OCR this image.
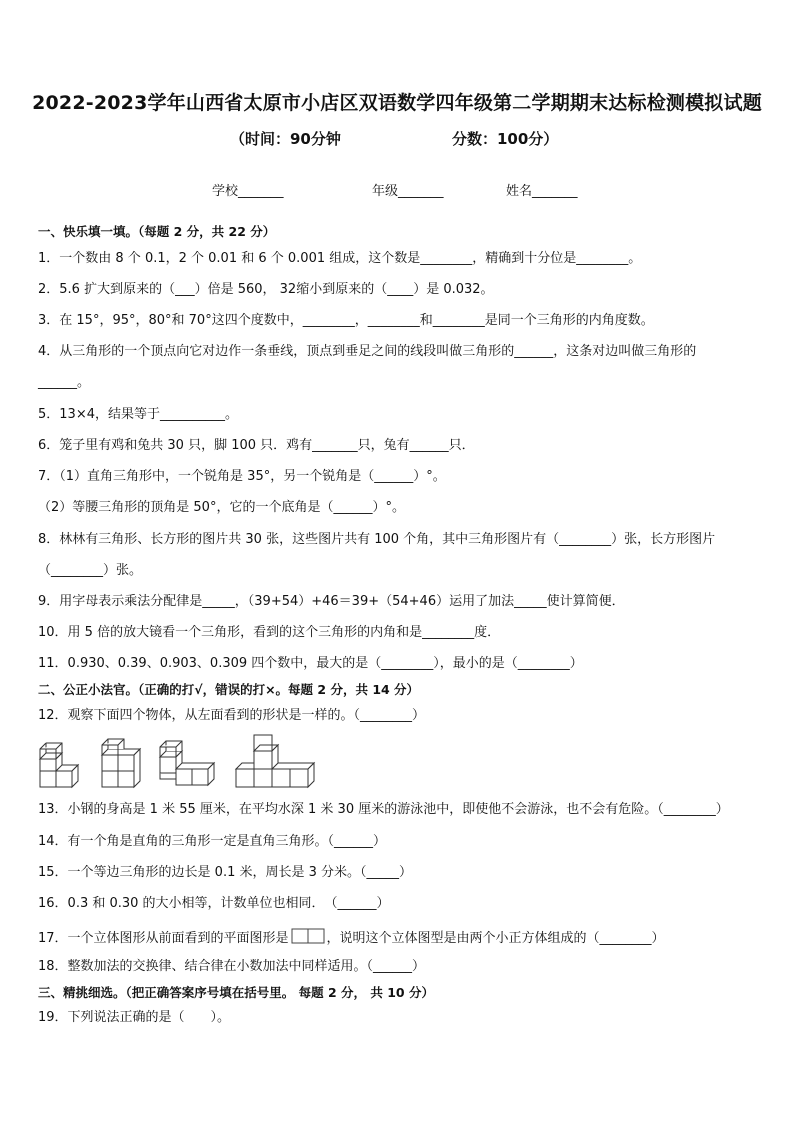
2022-2023学年山西省太原市小店区双语数学四年级第二学期期末达标检测模拟试题
（时间：90分钟	分数：100分）
学校_______	年级_______	姓名_______
一、快乐填一填。（每题 2 分，共 22 分）
1．一个数由 8 个 0.1，2 个 0.01 和 6 个 0.001 组成，这个数是________，精确到十分位是________。
2．5.6 扩大到原来的（___）倍是 560， 32缩小到原来的（____）是 0.032。
3．在 15°，95°，80°和 70°这四个度数中，________，________和________是同一个三角形的内角度数。
4．从三角形的一个顶点向它对边作一条垂线，顶点到垂足之间的线段叫做三角形的______，这条对边叫做三角形的
______。
5．13×4，结果等于__________。
6．笼子里有鸡和兔共 30 只，脚 100 只．鸡有_______只，兔有______只．
7．（1）直角三角形中，一个锐角是 35°，另一个锐角是（______）°。
（2）等腰三角形的顶角是 50°，它的一个底角是（______）°。
8．林林有三角形、长方形的图片共 30 张，这些图片共有 100 个角，其中三角形图片有（________）张，长方形图片
（________）张。
9．用字母表示乘法分配律是_____，（39+54）+46＝39+（54+46）运用了加法_____使计算简便．
10．用 5 倍的放大镜看一个三角形，看到的这个三角形的内角和是________度．
11．0.930、0.39、0.903、0.309 四个数中，最大的是（________），最小的是（________）
二、公正小法官。（正确的打√，错误的打×。每题 2 分，共 14 分）
12．观察下面四个物体，从左面看到的形状是一样的。（________）
13．小钢的身高是 1 米 55 厘米，在平均水深 1 米 30 厘米的游泳池中，即使他不会游泳，也不会有危险。（________）
14．有一个角是直角的三角形一定是直角三角形。（______）
15．一个等边三角形的边长是 0.1 米，周长是 3 分米。（_____）
16．0.3 和 0.30 的大小相等，计数单位也相同．　（______）
17．一个立体图形从前面看到的平面图形是	，说明这个立体图型是由两个小正方体组成的（________）
18．整数加法的交换律、结合律在小数加法中同样适用。（______）
三、精挑细选。（把正确答案序号填在括号里。 每题 2 分， 共 10 分）
19．下列说法正确的是（　　）。
